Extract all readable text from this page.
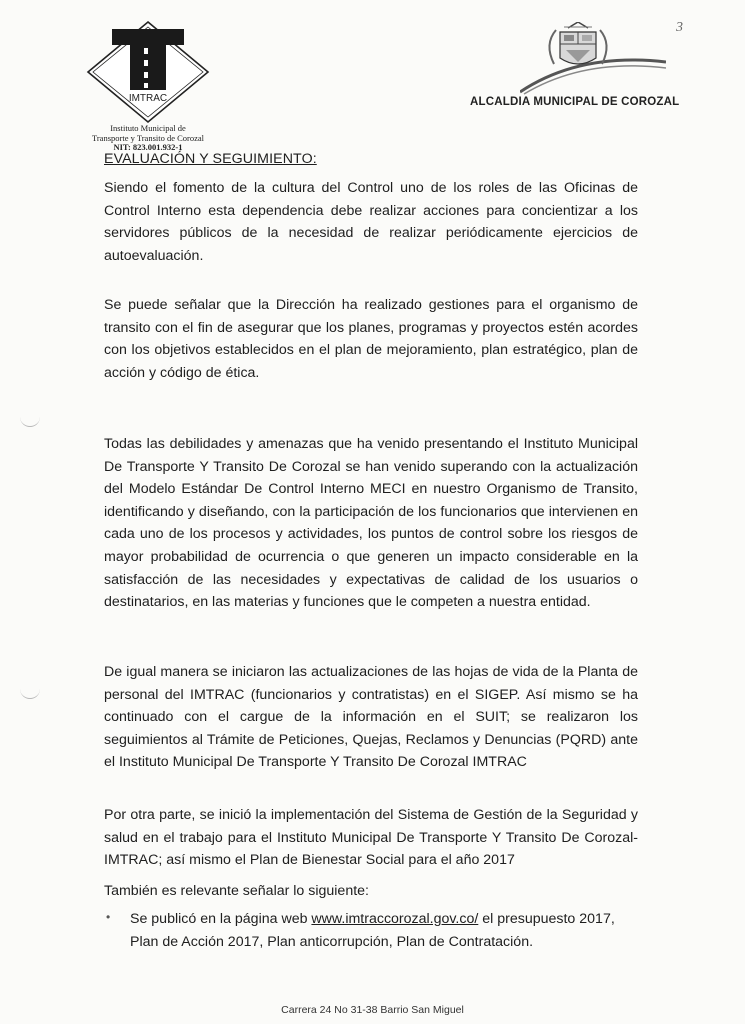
IMTRAC
Instituto Municipal de
Transporte y Transito de Corozal
NIT: 823.001.932-1
ALCALDIA MUNICIPAL DE COROZAL
3
EVALUACIÓN Y SEGUIMIENTO:

Siendo el fomento de la cultura del Control uno de los roles de las Oficinas de Control Interno esta dependencia debe realizar acciones para concientizar a los servidores públicos de la necesidad de realizar periódicamente ejercicios de autoevaluación.

Se puede señalar que la Dirección ha realizado gestiones para el organismo de transito con el fin de asegurar que los planes, programas y proyectos estén acordes con los objetivos establecidos en el plan de mejoramiento, plan estratégico, plan de acción y código de ética.

Todas las debilidades y amenazas que ha venido presentando el Instituto Municipal De Transporte Y Transito De Corozal se han venido superando con la actualización del Modelo Estándar De Control Interno MECI en nuestro Organismo de Transito, identificando y diseñando, con la participación de los funcionarios que intervienen en cada uno de los procesos y actividades, los puntos de control sobre los riesgos de mayor probabilidad de ocurrencia o que generen un impacto considerable en la satisfacción de las necesidades y expectativas de calidad de los usuarios o destinatarios, en las materias y funciones que le competen a nuestra entidad.

De igual manera se iniciaron las actualizaciones de las hojas de vida de la Planta de personal del IMTRAC (funcionarios y contratistas) en el SIGEP. Así mismo se ha continuado con el cargue de la información en el SUIT; se realizaron los seguimientos al Trámite de Peticiones, Quejas, Reclamos y Denuncias (PQRD) ante el Instituto Municipal De Transporte Y Transito De Corozal IMTRAC

Por otra parte, se inició la implementación del Sistema de Gestión de la Seguridad y salud en el trabajo para el Instituto Municipal De Transporte Y Transito De Corozal- IMTRAC; así mismo el Plan de Bienestar Social para el año 2017

También es relevante señalar lo siguiente:

• Se publicó en la página web www.imtraccorozal.gov.co/ el presupuesto 2017, Plan de Acción 2017, Plan anticorrupción, Plan de Contratación.

Carrera 24 No 31-38 Barrio San Miguel
